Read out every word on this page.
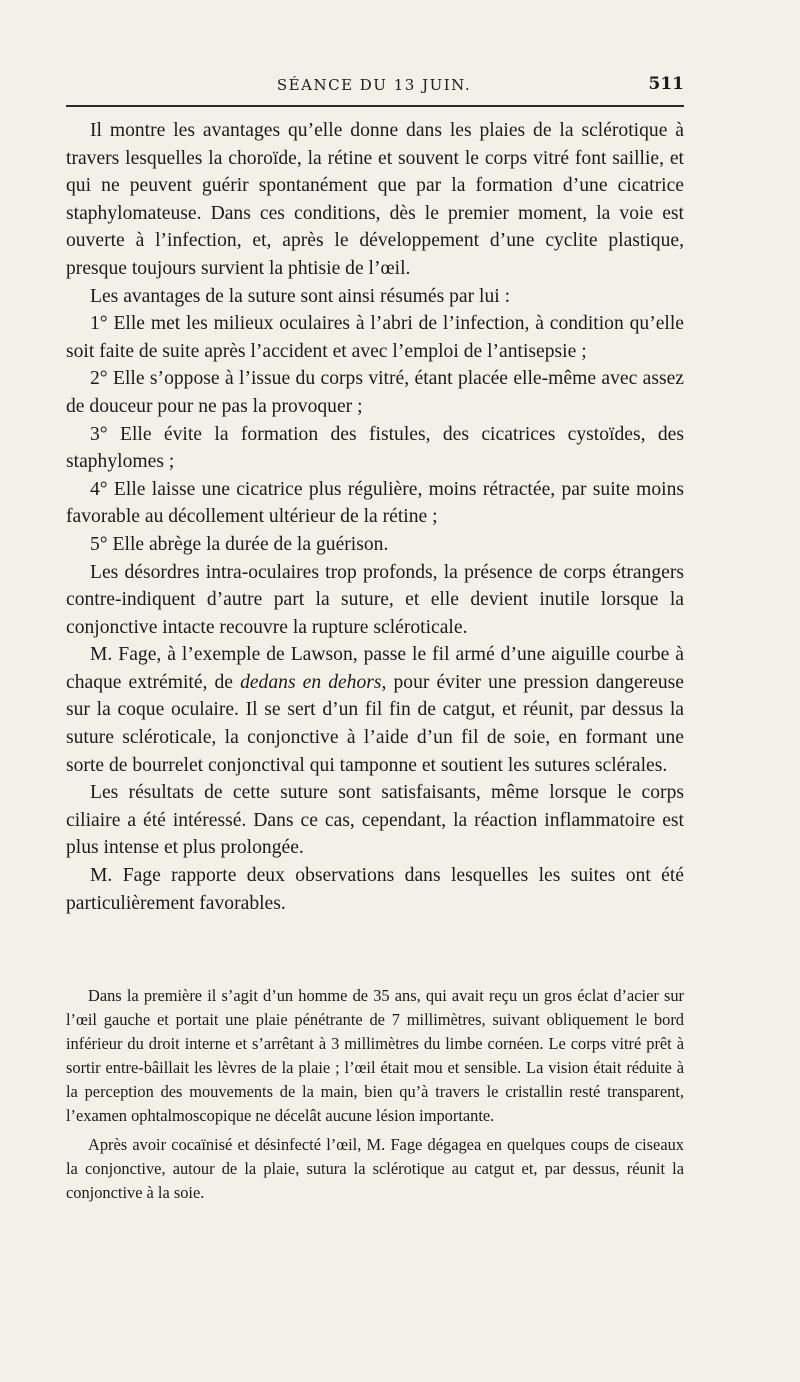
SÉANCE DU 13 JUIN.	511

Il montre les avantages qu’elle donne dans les plaies de la sclérotique à travers lesquelles la choroïde, la rétine et souvent le corps vitré font saillie, et qui ne peuvent guérir spontanément que par la formation d’une cicatrice staphylomateuse. Dans ces conditions, dès le premier moment, la voie est ouverte à l’infection, et, après le développement d’une cyclite plastique, presque toujours survient la phtisie de l’œil.

Les avantages de la suture sont ainsi résumés par lui :

1° Elle met les milieux oculaires à l’abri de l’infection, à condition qu’elle soit faite de suite après l’accident et avec l’emploi de l’antisepsie ;

2° Elle s’oppose à l’issue du corps vitré, étant placée elle-même avec assez de douceur pour ne pas la provoquer ;

3° Elle évite la formation des fistules, des cicatrices cystoïdes, des staphylomes ;

4° Elle laisse une cicatrice plus régulière, moins rétractée, par suite moins favorable au décollement ultérieur de la rétine ;

5° Elle abrège la durée de la guérison.

Les désordres intra-oculaires trop profonds, la présence de corps étrangers contre-indiquent d’autre part la suture, et elle devient inutile lorsque la conjonctive intacte recouvre la rupture scléroticale.

M. Fage, à l’exemple de Lawson, passe le fil armé d’une aiguille courbe à chaque extrémité, de dedans en dehors, pour éviter une pression dangereuse sur la coque oculaire. Il se sert d’un fil fin de catgut, et réunit, par dessus la suture scléroticale, la conjonctive à l’aide d’un fil de soie, en formant une sorte de bourrelet conjonctival qui tamponne et soutient les sutures sclérales.

Les résultats de cette suture sont satisfaisants, même lorsque le corps ciliaire a été intéressé. Dans ce cas, cependant, la réaction inflammatoire est plus intense et plus prolongée.

M. Fage rapporte deux observations dans lesquelles les suites ont été particulièrement favorables.

Dans la première il s’agit d’un homme de 35 ans, qui avait reçu un gros éclat d’acier sur l’œil gauche et portait une plaie pénétrante de 7 millimètres, suivant obliquement le bord inférieur du droit interne et s’arrêtant à 3 millimètres du limbe cornéen. Le corps vitré prêt à sortir entre-bâillait les lèvres de la plaie ; l’œil était mou et sensible. La vision était réduite à la perception des mouvements de la main, bien qu’à travers le cristallin resté transparent, l’examen ophtalmoscopique ne décelât aucune lésion importante.

Après avoir cocaïnisé et désinfecté l’œil, M. Fage dégagea en quelques coups de ciseaux la conjonctive, autour de la plaie, sutura la sclérotique au catgut et, par dessus, réunit la conjonctive à la soie.
